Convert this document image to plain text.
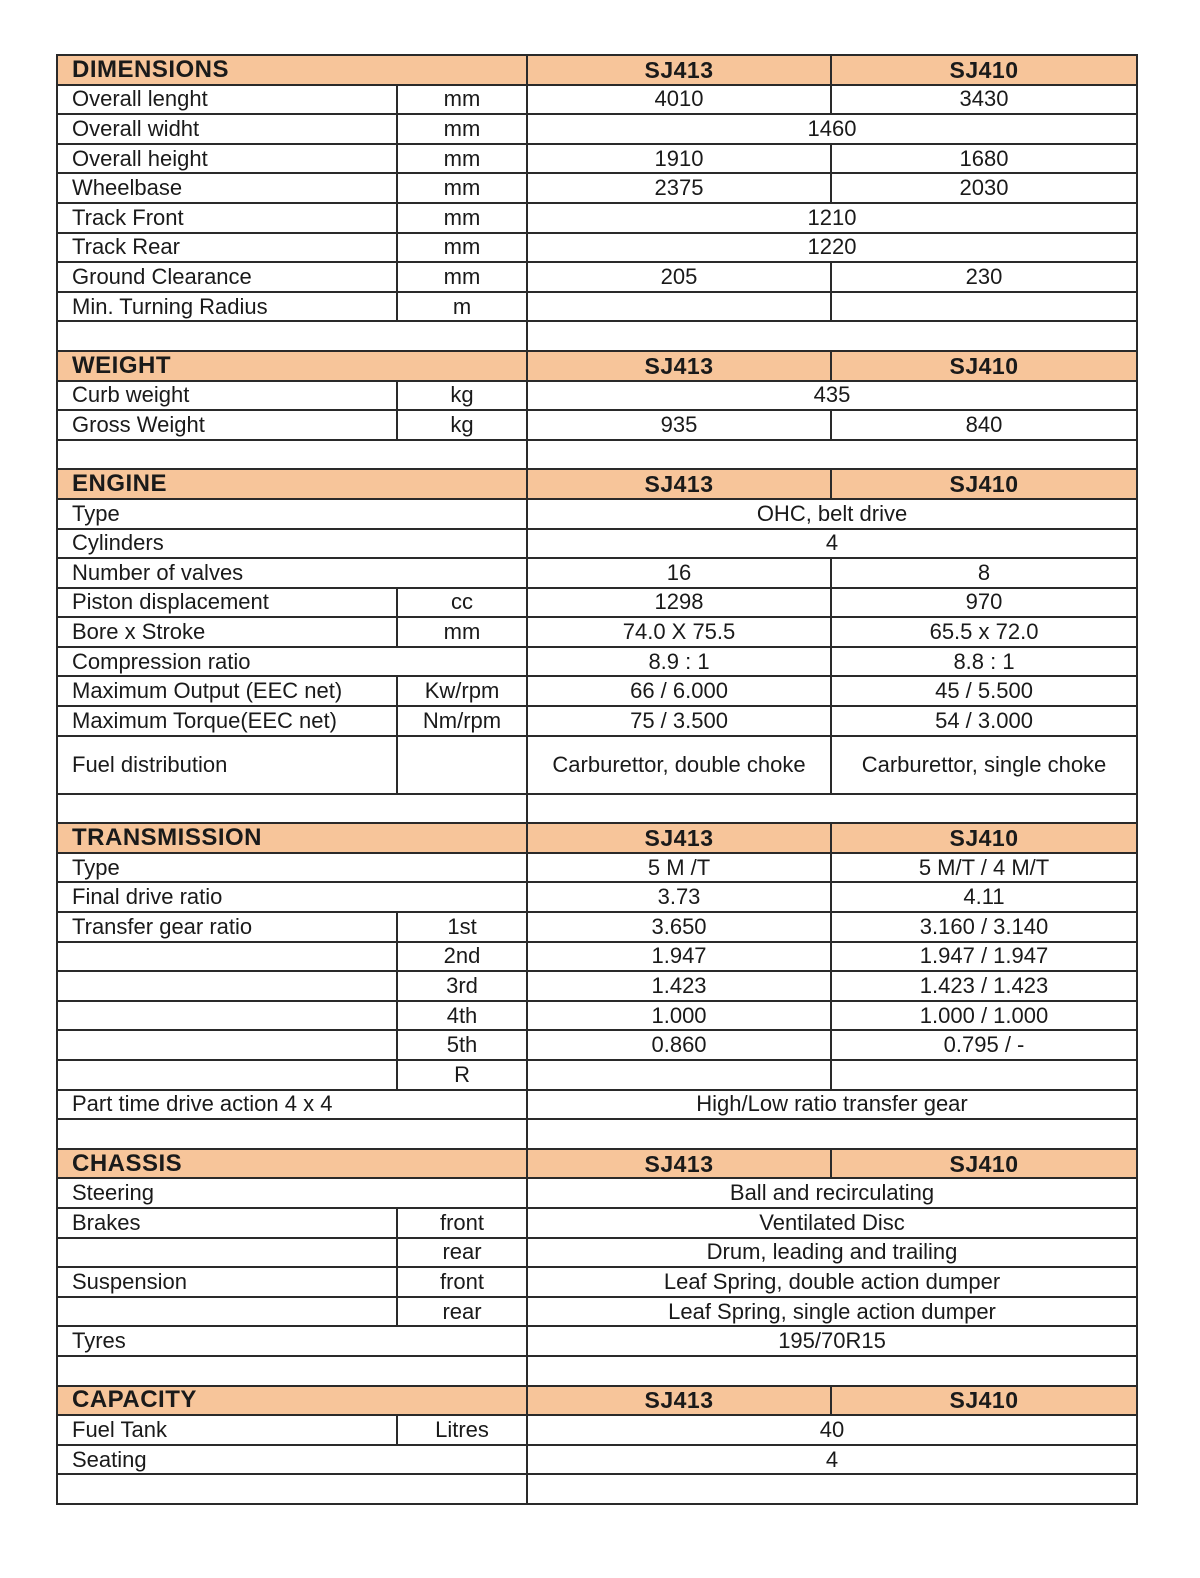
DIMENSIONS		SJ413	SJ410
Overall lenght	mm	4010	3430
Overall widht	mm	1460	
Overall height	mm	1910	1680
Wheelbase	mm	2375	2030
Track Front	mm	1210	
Track Rear	mm	1220	
Ground Clearance	mm	205	230
Min. Turning Radius	m		

WEIGHT		SJ413	SJ410
Curb weight	kg	435	
Gross Weight	kg	935	840

ENGINE		SJ413	SJ410
Type		OHC, belt drive	
Cylinders		4	
Number of valves		16	8
Piston displacement	cc	1298	970
Bore x Stroke	mm	74.0 X 75.5	65.5 x 72.0
Compression ratio		8.9 : 1	8.8 : 1
Maximum Output (EEC net)	Kw/rpm	66 / 6.000	45 / 5.500
Maximum Torque(EEC net)	Nm/rpm	75 / 3.500	54 / 3.000
Fuel distribution		Carburettor, double choke	Carburettor, single choke

TRANSMISSION		SJ413	SJ410
Type		5 M /T	5 M/T / 4 M/T
Final drive ratio		3.73	4.11
Transfer gear ratio	1st	3.650	3.160 / 3.140
	2nd	1.947	1.947 / 1.947
	3rd	1.423	1.423 / 1.423
	4th	1.000	1.000 / 1.000
	5th	0.860	0.795 / -
	R		
Part time drive action 4 x 4		High/Low ratio transfer gear	

CHASSIS		SJ413	SJ410
Steering		Ball and recirculating	
Brakes	front	Ventilated Disc	
	rear	Drum, leading and trailing	
Suspension	front	Leaf Spring, double action dumper	
	rear	Leaf Spring, single action dumper	
Tyres		195/70R15	

CAPACITY		SJ413	SJ410
Fuel Tank	Litres	40	
Seating		4	
